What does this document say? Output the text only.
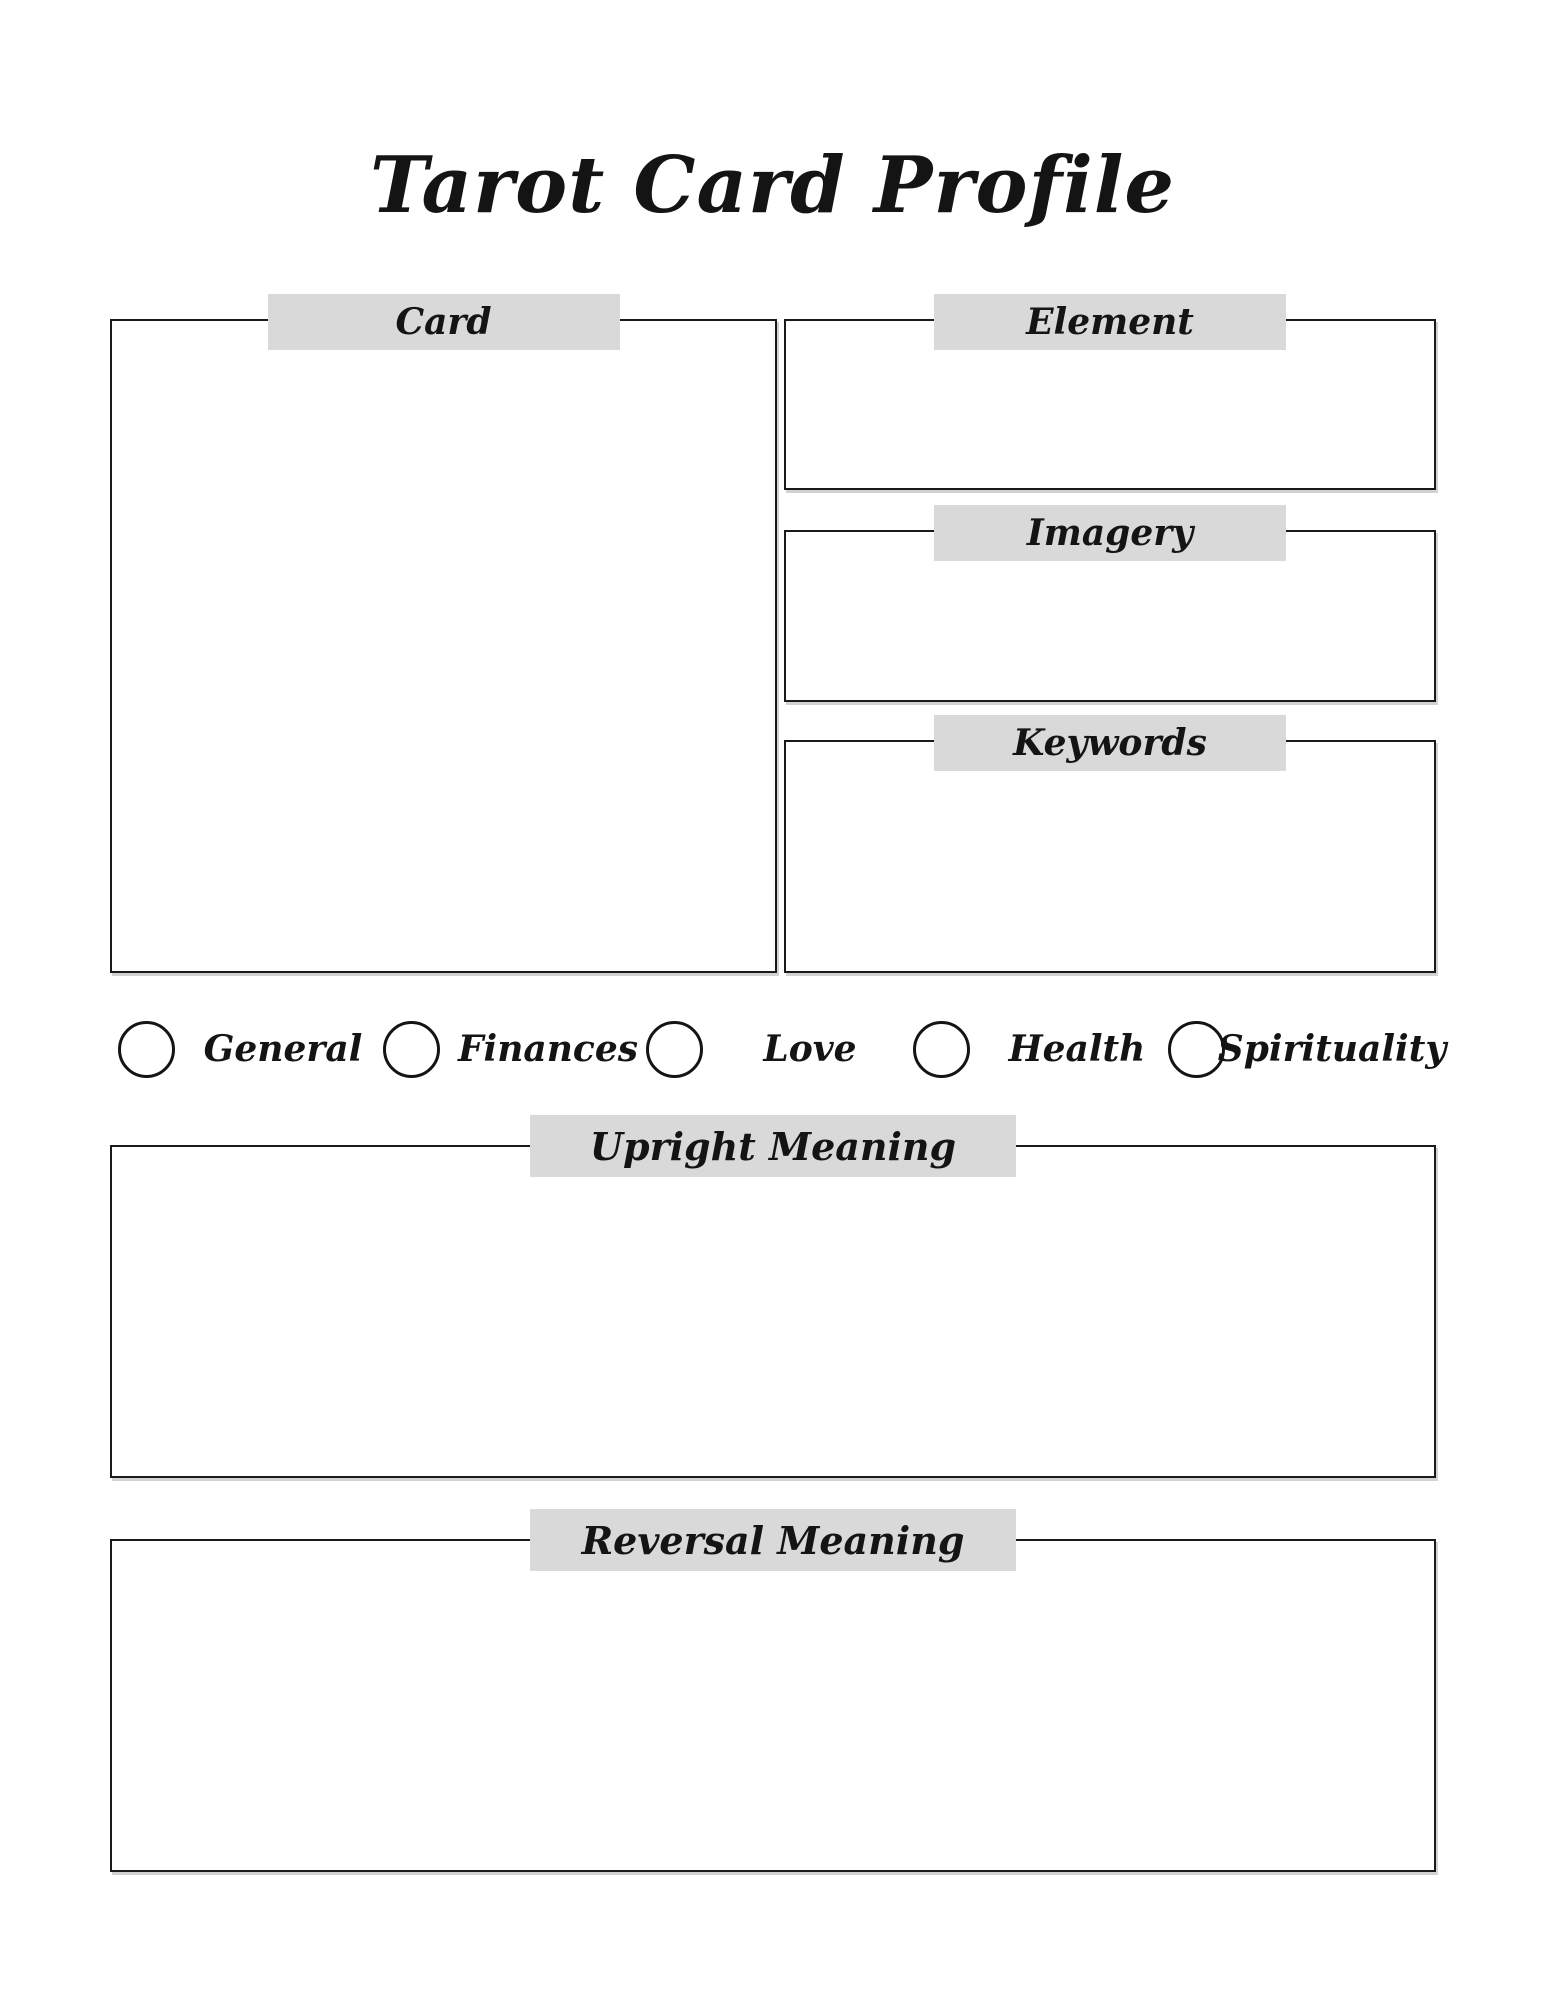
Tarot Card Profile
Card	Element
Imagery
Keywords
General	Finances	Love	Health Spirituality
Upright Meaning
Reversal Meaning
